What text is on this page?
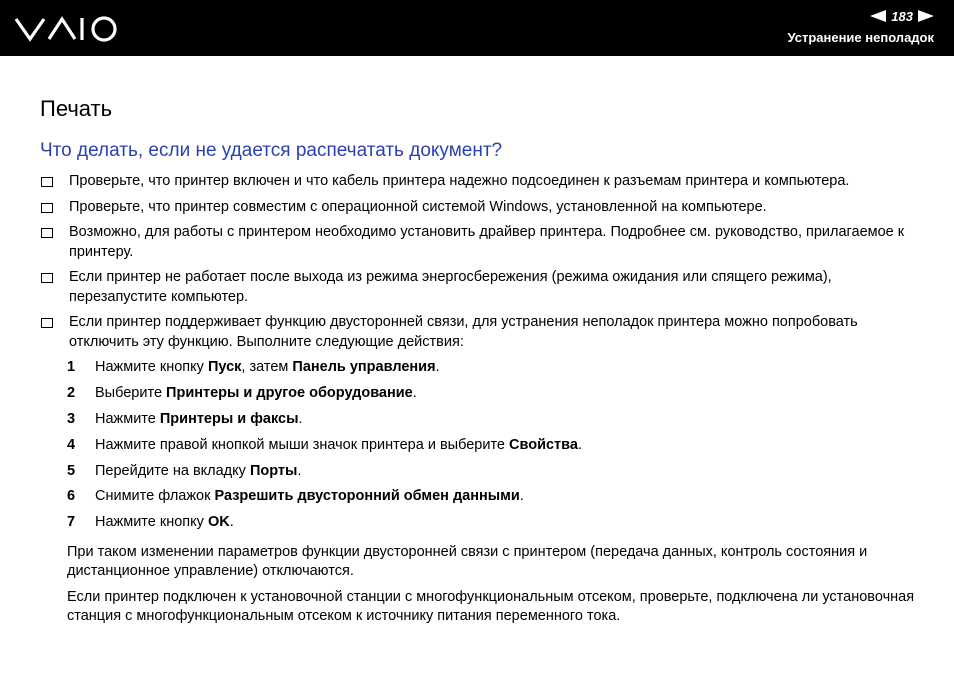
183
Устранение неполадок
Печать
Что делать, если не удается распечатать документ?
Проверьте, что принтер включен и что кабель принтера надежно подсоединен к разъемам принтера и компьютера.
Проверьте, что принтер совместим с операционной системой Windows, установленной на компьютере.
Возможно, для работы с принтером необходимо установить драйвер принтера. Подробнее см. руководство, прилагаемое к принтеру.
Если принтер не работает после выхода из режима энергосбережения (режима ожидания или спящего режима), перезапустите компьютер.
Если принтер поддерживает функцию двусторонней связи, для устранения неполадок принтера можно попробовать отключить эту функцию. Выполните следующие действия:
1	Нажмите кнопку Пуск, затем Панель управления.
2	Выберите Принтеры и другое оборудование.
3	Нажмите Принтеры и факсы.
4	Нажмите правой кнопкой мыши значок принтера и выберите Свойства.
5	Перейдите на вкладку Порты.
6	Снимите флажок Разрешить двусторонний обмен данными.
7	Нажмите кнопку OK.

При таком изменении параметров функции двусторонней связи с принтером (передача данных, контроль состояния и дистанционное управление) отключаются.

Если принтер подключен к установочной станции с многофункциональным отсеком, проверьте, подключена ли установочная станция с многофункциональным отсеком к источнику питания переменного тока.
